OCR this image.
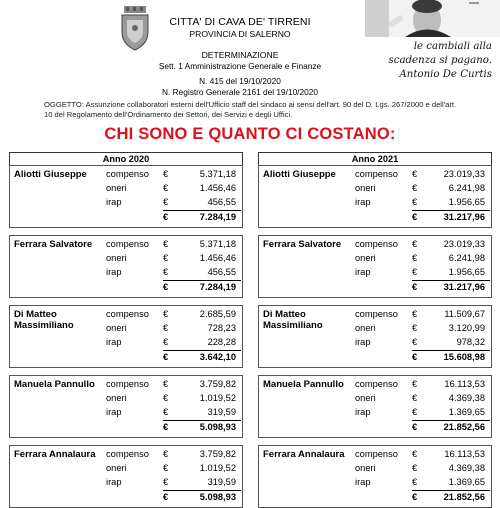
CITTA' DI CAVA DE' TIRRENI
PROVINCIA DI SALERNO
DETERMINAZIONE
Sett. 1 Amministrazione Generale e Finanze
N. 415 del 19/10/2020
N. Registro Generale 2161 del 19/10/2020
le cambiali alla
scadenza si pagano.
Antonio De Curtis
OGGETTO: Assunzione collaboratori esterni dell'Ufficio staff del sindaco ai sensi dell'art. 90 del D. Lgs. 267/2000 e dell'art. 10 del Regolamento dell'Ordinamento dei Settori, dei Servizi e degli Uffici.
CHI SONO E QUANTO CI COSTANO:
Anno 2020
Aliotti Giuseppe	compenso €	5.371,18
oneri	€	1.456,46
irap	€	456,55
€	7.284,19
Ferrara Salvatore	compenso €	5.371,18
oneri	€	1.456,46
irap	€	456,55
€	7.284,19
Di Matteo Massimiliano
compenso €	2.685,59
oneri	€	728,23
irap	€	228,28
€	3.642,10
Manuela Pannullo	compenso €	3.759,82
oneri	€	1.019,52
irap	€	319,59
€	5.098,93
Ferrara Annalaura	compenso €	3.759,82
oneri	€	1.019,52
irap	€	319,59
€	5.098,93
Anno 2021
Aliotti Giuseppe	compenso €	23.019,33
oneri	€	6.241,98
irap	€	1.956,65
€	31.217,96
Ferrara Salvatore	compenso €	23.019,33
oneri	€	6.241,98
irap	€	1.956,65
€	31.217,96
Di Matteo Massimiliano
compenso €	11.509,67
oneri	€	3.120,99
irap	€	978,32
€	15.608,98
Manuela Pannullo	compenso €	16.113,53
oneri	€	4.369,38
irap	€	1.369,65
€	21.852,56
Ferrara Annalaura	compenso €	16.113,53
oneri	€	4.369,38
irap	€	1.369,65
€	21.852,56
